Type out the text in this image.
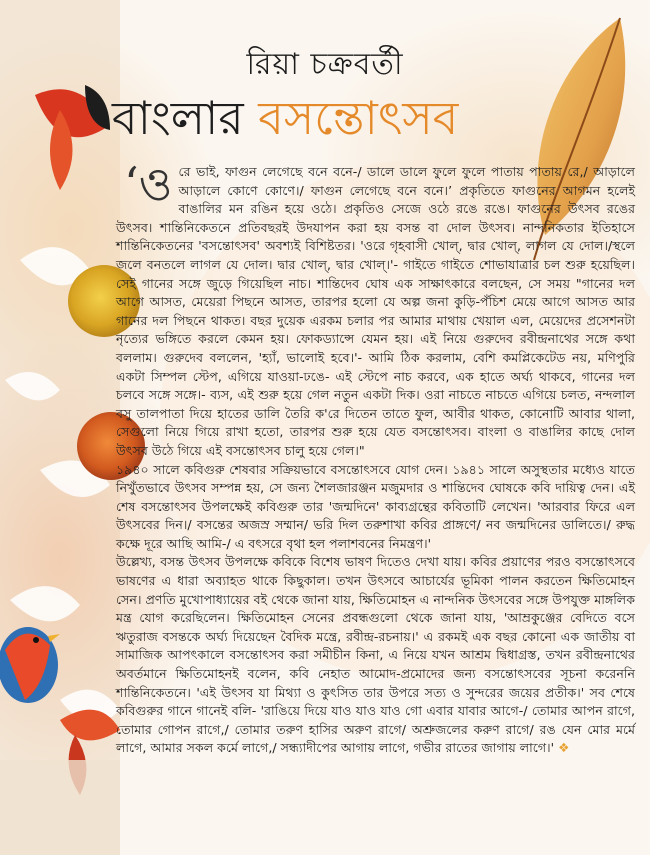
রিয়া চক্রবর্তী
বাংলার বসন্তোৎসব

‘ও রে ভাই, ফাগুন লেগেছে বনে বনে-/ ডালে ডালে ফুলে ফুলে পাতায় পাতায় রে,/ আড়ালে আড়ালে কোণে কোণে।/ ফাগুন লেগেছে বনে বনে।’ প্রকৃতিতে ফাগুনের আগমন হলেই বাঙালির মন রঙিন হয়ে ওঠে। প্রকৃতিও সেজে ওঠে রঙে রঙে। ফাগুনের উৎসব রঙের উৎসব। শান্তিনিকেতনে প্রতিবছরই উদযাপন করা হয় বসন্ত বা দোল উৎসব। নান্দনিকতার ইতিহাসে শান্তিনিকেতনের 'বসন্তোৎসব' অবশ্যই বিশিষ্টতর। 'ওরে গৃহবাসী খোল্‌, দ্বার খোল্‌, লাগল যে দোল।/স্থলে জলে বনতলে লাগল যে দোল। দ্বার খোল্‌, দ্বার খোল্‌।'- গাইতে গাইতে শোভাযাত্রার চল শুরু হয়েছিল। সেই গানের সঙ্গে জুড়ে গিয়েছিল নাচ। শান্তিদেব ঘোষ এক সাক্ষাৎকারে বলছেন, সে সময় "গানের দল আগে আসত, মেয়েরা পিছনে আসত, তারপর হলো যে অল্প জনা কুড়ি-পঁচিশ মেয়ে আগে আসত আর গানের দল পিছনে থাকত। বছর দুয়েক এরকম চলার পর আমার মাথায় খেয়াল এল, মেয়েদের প্রসেশনটা নৃত্যের ভঙ্গিতে করলে কেমন হয়। ফোকড্যান্সে যেমন হয়। এই নিয়ে গুরুদেব রবীন্দ্রনাথের সঙ্গে কথা বললাম। গুরুদেব বললেন, 'হ্যাঁ, ভালোই হবে।'- আমি ঠিক করলাম, বেশি কমপ্লিকেটেড নয়, মণিপুরি একটা সিম্পল স্টেপ, এগিয়ে যাওয়া-ঢঙে- এই স্টেপে নাচ করবে, এক হাতে অর্ঘ্য থাকবে, গানের দল চলবে সঙ্গে সঙ্গে।- ব্যস, এই শুরু হয়ে গেল নতুন একটা দিক। ওরা নাচতে নাচতে এগিয়ে চলত, নন্দলাল বসু তালপাতা দিয়ে হাতের ডালি তৈরি ক'রে দিতেন তাতে ফুল, আবীর থাকত, কোনোটি আবার থালা, সেগুলো নিয়ে গিয়ে রাখা হতো, তারপর শুরু হয়ে যেত বসন্তোৎসব। বাংলা ও বাঙালির কাছে দোল উৎসব উঠে গিয়ে এই বসন্তোৎসব চালু হয়ে গেল।"

১৯৪০ সালে কবিগুরু শেষবার সক্রিয়ভাবে বসন্তোৎসবে যোগ দেন। ১৯৪১ সালে অসুস্থতার মধ্যেও যাতে নিখুঁতভাবে উৎসব সম্পন্ন হয়, সে জন্য শৈলজারঞ্জন মজুমদার ও শান্তিদেব ঘোষকে কবি দায়িত্ব দেন। এই শেষ বসন্তোৎসব উপলক্ষেই কবিগুরু তার 'জন্মদিনে' কাব্যগ্রন্থের কবিতাটি লেখেন। 'আরবার ফিরে এল উৎসবের দিন।/ বসন্তের অজস্র সম্মান/ ভরি দিল তরুশাখা কবির প্রাঙ্গণে/ নব জন্মদিনের ডালিতে।/ রুদ্ধ কক্ষে দূরে আছি আমি-/ এ বৎসরে বৃথা হল পলাশবনের নিমন্ত্রণ।'

উল্লেখ্য, বসন্ত উৎসব উপলক্ষে কবিকে বিশেষ ভাষণ দিতেও দেখা যায়। কবির প্রয়াণের পরও বসন্তোৎসবে ভাষণের এ ধারা অব্যাহত থাকে কিছুকাল। তখন উৎসবে আচার্যের ভূমিকা পালন করতেন ক্ষিতিমোহন সেন। প্রণতি মুখোপাধ্যায়ের বই থেকে জানা যায়, ক্ষিতিমোহন এ নান্দনিক উৎসবের সঙ্গে উপযুক্ত মাঙ্গলিক মন্ত্র যোগ করেছিলেন। ক্ষিতিমোহন সেনের প্রবন্ধগুলো থেকে জানা যায়, 'আম্রকুঞ্জের বেদিতে বসে ঋতুরাজ বসন্তকে অর্ঘ্য দিয়েছেন বৈদিক মন্ত্রে, রবীন্দ্র-রচনায়।' এ রকমই এক বছর কোনো এক জাতীয় বা সামাজিক আপৎকালে বসন্তোৎসব করা সমীচীন কিনা, এ নিয়ে যখন আশ্রম দ্বিধাগ্রস্ত, তখন রবীন্দ্রনাথের অবর্তমানে ক্ষিতিমোহনই বলেন, কবি নেহাত আমোদ-প্রমোদের জন্য বসন্তোৎসবের সূচনা করেননি শান্তিনিকেতনে। 'এই উৎসব যা মিথ্যা ও কুৎসিত তার উপরে সত্য ও সুন্দরের জয়ের প্রতীক।' সব শেষে কবিগুরুর গানে গানেই বলি- 'রাঙিয়ে দিয়ে যাও যাও যাও গো এবার যাবার আগে-/ তোমার আপন রাগে, তোমার গোপন রাগে,/ তোমার তরুণ হাসির অরুণ রাগে/ অশ্রুজলের করুণ রাগে/ রঙ যেন মোর মর্মে লাগে, আমার সকল কর্মে লাগে,/ সন্ধ্যাদীপের আগায় লাগে, গভীর রাতের জাগায় লাগে।' ❖
